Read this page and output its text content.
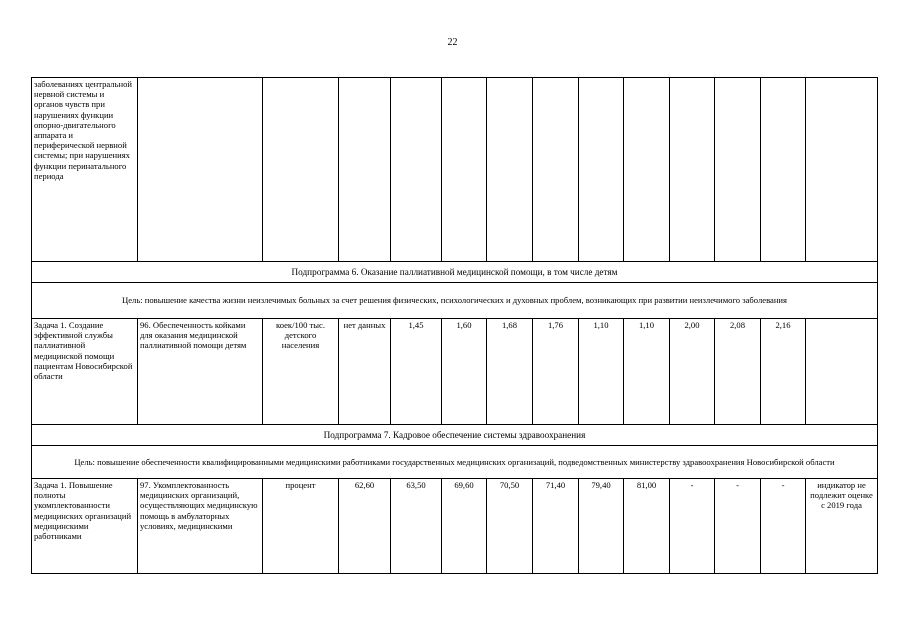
22
заболеваниях центральной нервной системы и органов чувств при нарушениях функции опорно-двигательного аппарата и периферической нервной системы; при нарушениях функции перинатального периода													
Подпрограмма 6. Оказание паллиативной медицинской помощи, в том числе детям													
Цель: повышение качества жизни неизлечимых больных за счет решения физических, психологических и духовных проблем, возникающих при развитии неизлечимого заболевания													
Задача 1. Создание эффективной службы паллиативной медицинской помощи пациентам Новосибирской области	96. Обеспеченность койками для оказания медицинской паллиативной помощи детям	коек/100 тыс. детского населения	нет данных	1,45	1,60	1,68	1,76	1,10	1,10	2,00	2,08	2,16	
Подпрограмма 7. Кадровое обеспечение системы здравоохранения													
Цель: повышение обеспеченности квалифицированными медицинскими работниками государственных медицинских организаций, подведомственных министерству здравоохранения Новосибирской области													
Задача 1. Повышение полноты укомплектованности медицинских организаций медицинскими работниками	97. Укомплектованность медицинских организаций, осуществляющих медицинскую помощь в амбулаторных условиях, медицинскими	процент	62,60	63,50	69,60	70,50	71,40	79,40	81,00	-	-	-	индикатор не подлежит оценке с 2019 года
